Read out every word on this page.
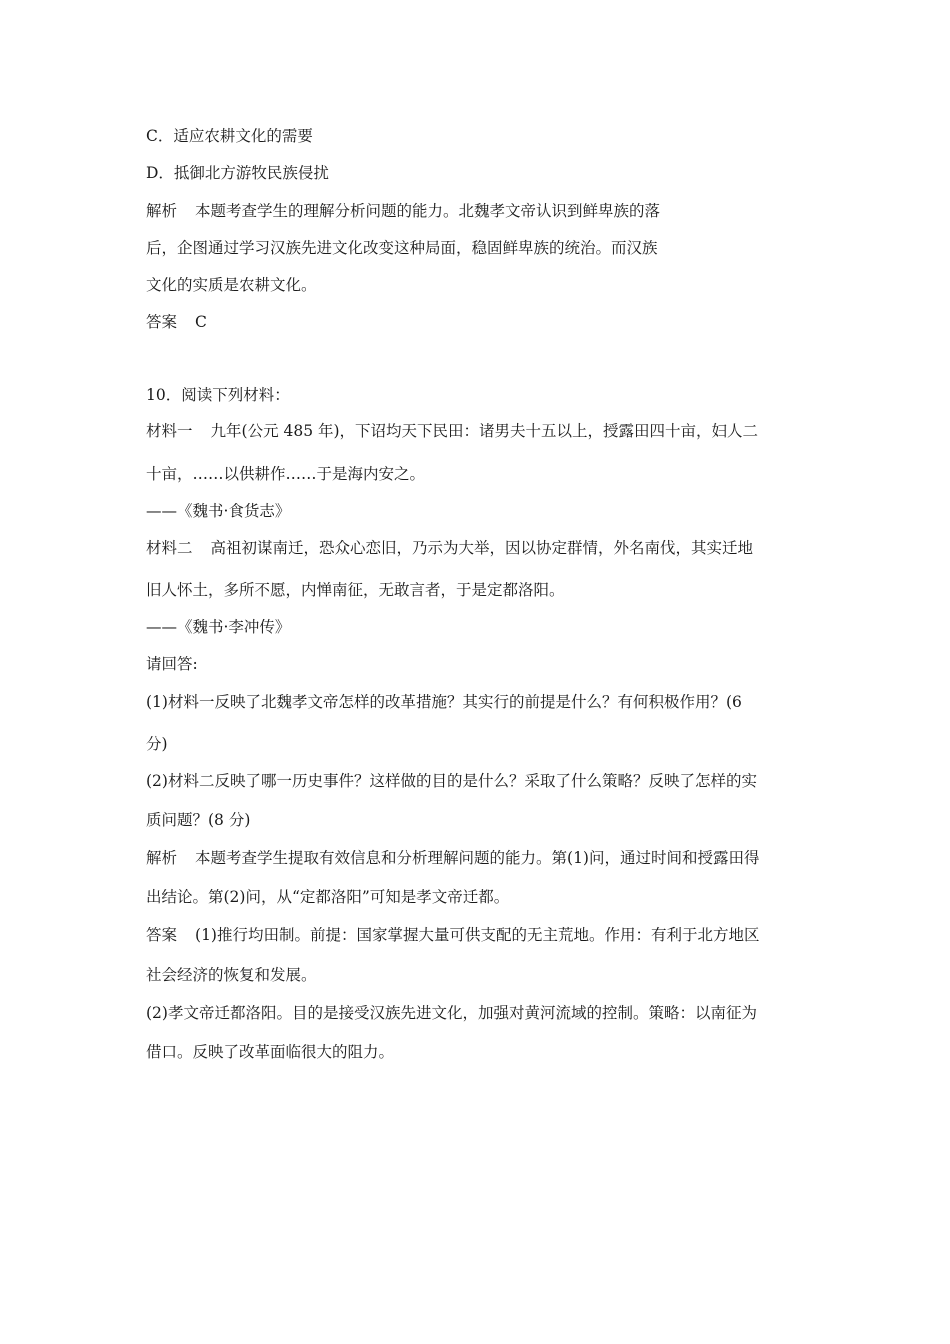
C．适应农耕文化的需要
D．抵御北方游牧民族侵扰
解析 本题考查学生的理解分析问题的能力。北魏孝文帝认识到鲜卑族的落
后，企图通过学习汉族先进文化改变这种局面，稳固鲜卑族的统治。而汉族
文化的实质是农耕文化。
答案 C
10．阅读下列材料：
材料一 九年(公元 485 年)，下诏均天下民田：诸男夫十五以上，授露田四十亩，妇人二
十亩，……以供耕作……于是海内安之。
——《魏书·食货志》
材料二 高祖初谋南迁，恐众心恋旧，乃示为大举，因以协定群情，外名南伐，其实迁地
旧人怀土，多所不愿，内惮南征，无敢言者，于是定都洛阳。
——《魏书·李冲传》
请回答:
(1)材料一反映了北魏孝文帝怎样的改革措施？其实行的前提是什么？有何积极作用？(6
分)
(2)材料二反映了哪一历史事件？这样做的目的是什么？采取了什么策略？反映了怎样的实
质问题？(8 分)
解析 本题考查学生提取有效信息和分析理解问题的能力。第(1)问，通过时间和授露田得
出结论。第(2)问，从“定都洛阳”可知是孝文帝迁都。
答案 (1)推行均田制。前提：国家掌握大量可供支配的无主荒地。作用：有利于北方地区
社会经济的恢复和发展。
(2)孝文帝迁都洛阳。目的是接受汉族先进文化，加强对黄河流域的控制。策略：以南征为
借口。反映了改革面临很大的阻力。
